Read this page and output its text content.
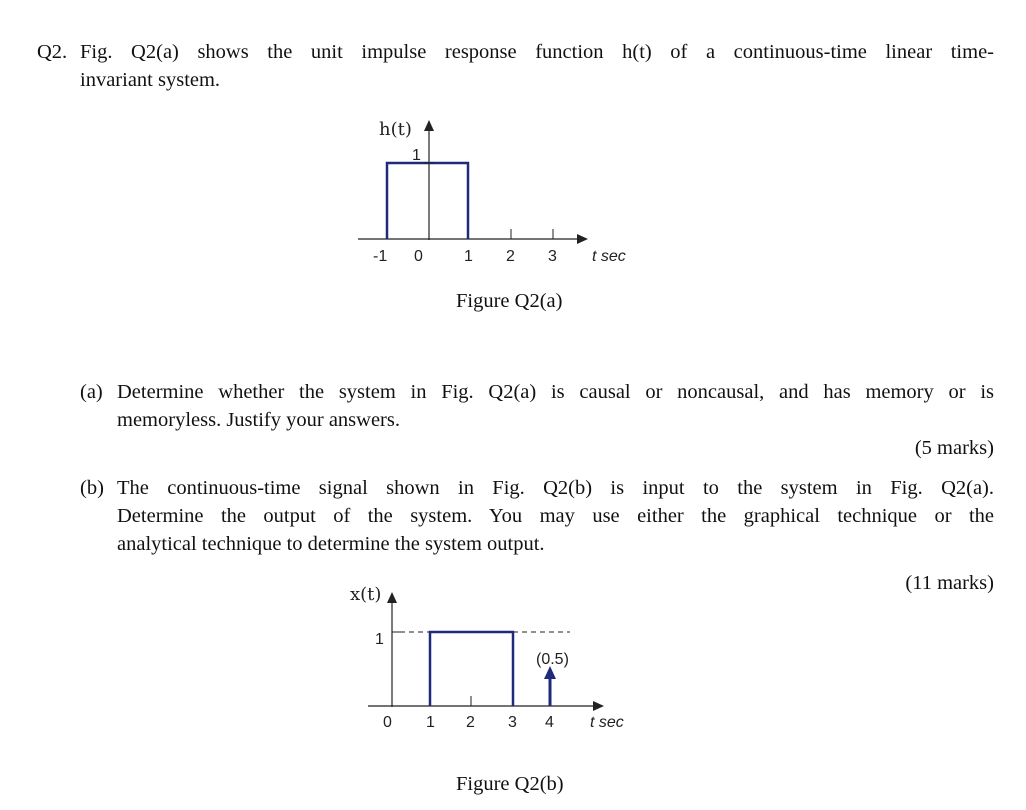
Q2. Fig. Q2(a) shows the unit impulse response function h(t) of a continuous-time linear time-
invariant system.
h(t)
1
-1 0	1 2 3 t sec
Figure Q2(a)
(a) Determine whether the system in Fig. Q2(a) is causal or noncausal, and has memory or is
memoryless. Justify your answers.
(5 marks)
(b) The continuous-time signal shown in Fig. Q2(b) is input to the system in Fig. Q2(a).
Determine the output of the system. You may use either the graphical technique or the
analytical technique to determine the system output.
(11 marks)
x(t)
1
(0.5)
0 1 2 3 4 t sec
Figure Q2(b)
